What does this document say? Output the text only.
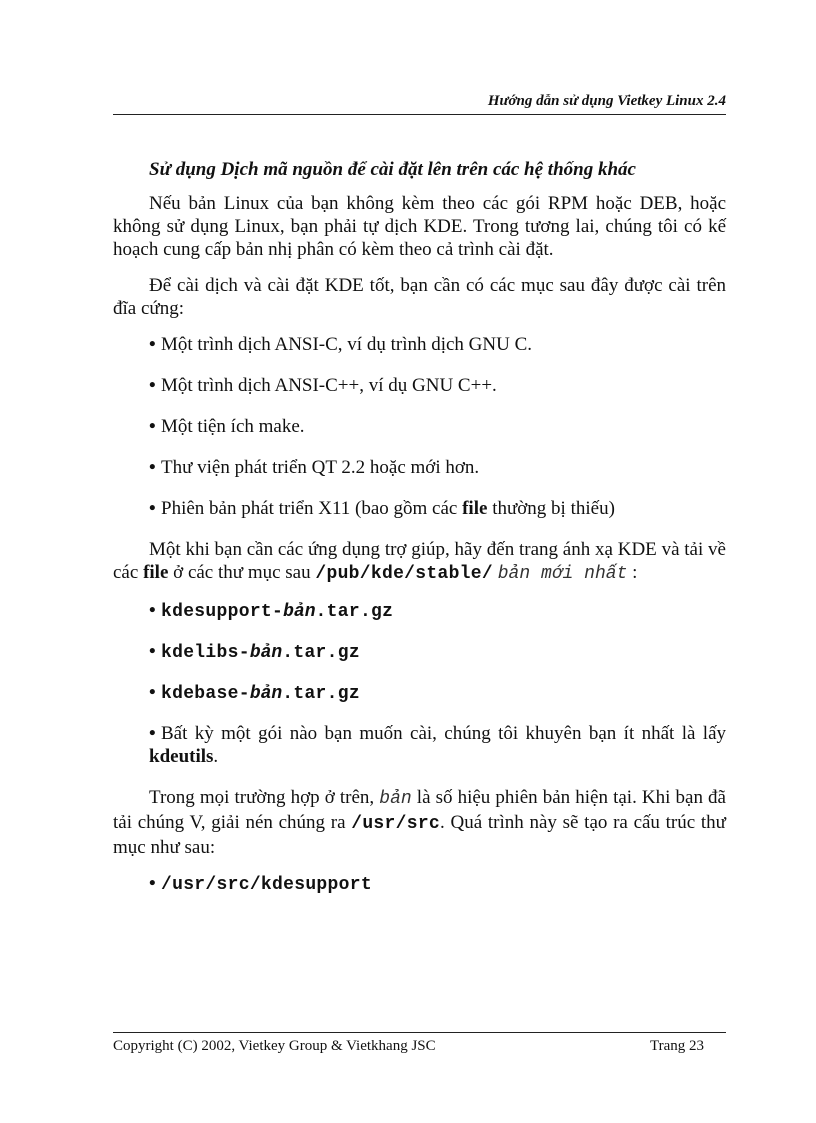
Hướng dẫn sử dụng Vietkey Linux 2.4
Sử dụng Dịch mã nguồn để cài đặt lên trên các hệ thống khác

Nếu bản Linux của bạn không kèm theo các gói RPM hoặc DEB, hoặc không sử dụng Linux, bạn phải tự dịch KDE. Trong tương lai, chúng tôi có kế hoạch cung cấp bản nhị phân có kèm theo cả trình cài đặt.

Để cài dịch và cài đặt KDE tốt, bạn cần có các mục sau đây được cài trên đĩa cứng:

• Một trình dịch ANSI-C, ví dụ trình dịch GNU C.
• Một trình dịch ANSI-C++, ví dụ GNU C++.
• Một tiện ích make.
• Thư viện phát triển QT 2.2 hoặc mới hơn.
• Phiên bản phát triển X11 (bao gồm các file thường bị thiếu)

Một khi bạn cần các ứng dụng trợ giúp, hãy đến trang ánh xạ KDE và tải về các file ở các thư mục sau /pub/kde/stable/ bản mới nhất :

• kdesupport-bản.tar.gz
• kdelibs-bản.tar.gz
• kdebase-bản.tar.gz
• Bất kỳ một gói nào bạn muốn cài, chúng tôi khuyên bạn ít nhất là lấy kdeutils.

Trong mọi trường hợp ở trên, bản là số hiệu phiên bản hiện tại. Khi bạn đã tải chúng V, giải nén chúng ra /usr/src. Quá trình này sẽ tạo ra cấu trúc thư mục như sau:

• /usr/src/kdesupport
Copyright (C) 2002, Vietkey Group & Vietkhang JSC	Trang 23
